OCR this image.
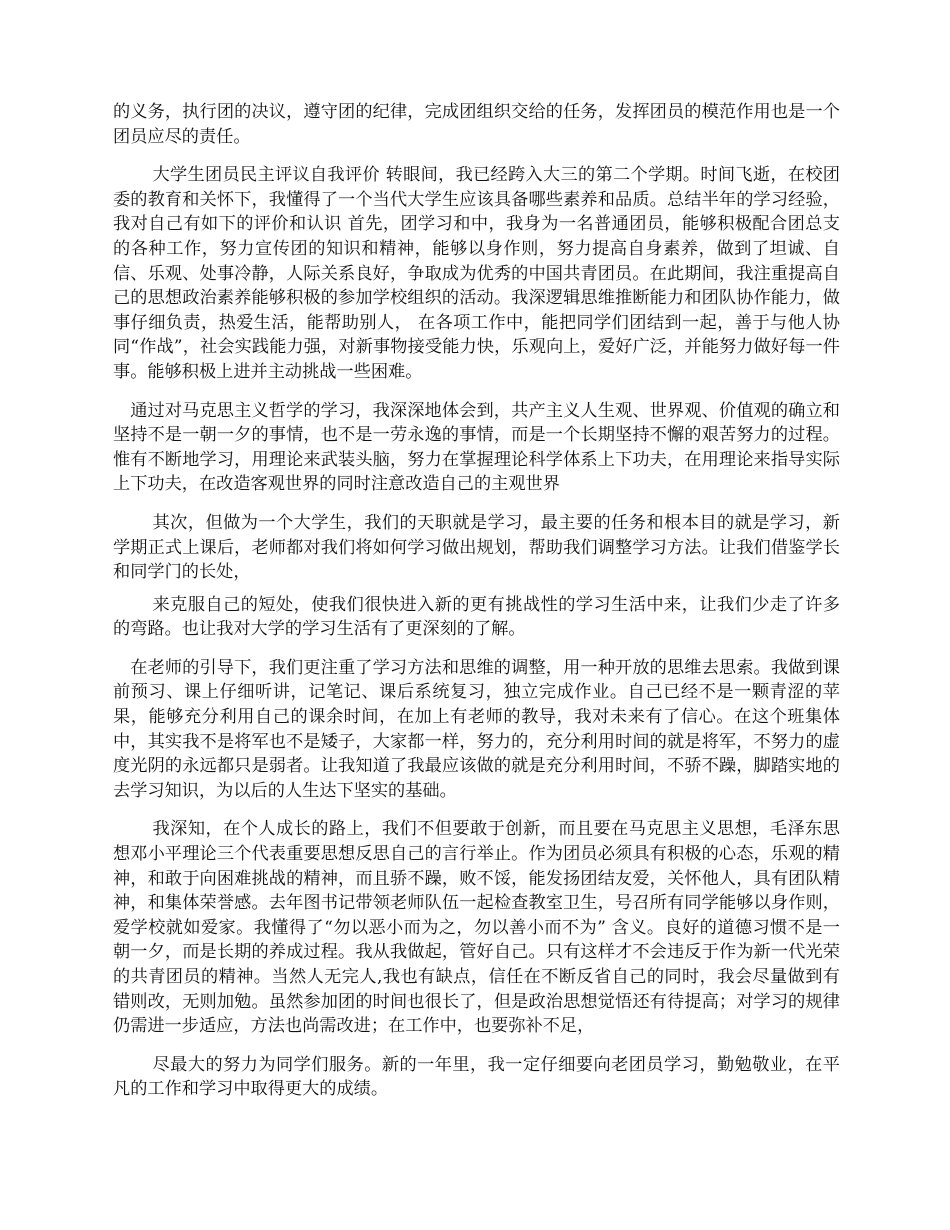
的义务，执行团的决议，遵守团的纪律，完成团组织交给的任务，发挥团员的模范作用也是一个团员应尽的责任。

大学生团员民主评议自我评价 转眼间，我已经跨入大三的第二个学期。时间飞逝，在校团委的教育和关怀下，我懂得了一个当代大学生应该具备哪些素养和品质。总结半年的学习经验，我对自己有如下的评价和认识 首先，团学习和中，我身为一名普通团员，能够积极配合团总支的各种工作，努力宣传团的知识和精神，能够以身作则，努力提高自身素养，做到了坦诚、自信、乐观、处事冷静，人际关系良好，争取成为优秀的中国共青团员。在此期间，我注重提高自己的思想政治素养能够积极的参加学校组织的活动。我深逻辑思维推断能力和团队协作能力，做事仔细负责，热爱生活，能帮助别人， 在各项工作中，能把同学们团结到一起，善于与他人协同“作战”，社会实践能力强，对新事物接受能力快，乐观向上，爱好广泛，并能努力做好每一件事。能够积极上进并主动挑战一些困难。

通过对马克思主义哲学的学习，我深深地体会到，共产主义人生观、世界观、价值观的确立和坚持不是一朝一夕的事情，也不是一劳永逸的事情，而是一个长期坚持不懈的艰苦努力的过程。惟有不断地学习，用理论来武装头脑，努力在掌握理论科学体系上下功夫，在用理论来指导实际上下功夫，在改造客观世界的同时注意改造自己的主观世界

其次，但做为一个大学生，我们的天职就是学习，最主要的任务和根本目的就是学习，新学期正式上课后，老师都对我们将如何学习做出规划，帮助我们调整学习方法。让我们借鉴学长和同学门的长处，

来克服自己的短处，使我们很快进入新的更有挑战性的学习生活中来，让我们少走了许多的弯路。也让我对大学的学习生活有了更深刻的了解。

在老师的引导下，我们更注重了学习方法和思维的调整，用一种开放的思维去思索。我做到课前预习、课上仔细听讲，记笔记、课后系统复习，独立完成作业。自己已经不是一颗青涩的苹果，能够充分利用自己的课余时间，在加上有老师的教导，我对未来有了信心。在这个班集体中，其实我不是将军也不是矮子，大家都一样，努力的，充分利用时间的就是将军，不努力的虚度光阴的永远都只是弱者。让我知道了我最应该做的就是充分利用时间，不骄不躁，脚踏实地的去学习知识，为以后的人生达下坚实的基础。

我深知，在个人成长的路上，我们不但要敢于创新，而且要在马克思主义思想，毛泽东思想邓小平理论三个代表重要思想反思自己的言行举止。作为团员必须具有积极的心态，乐观的精神，和敢于向困难挑战的精神，而且骄不躁，败不馁，能发扬团结友爱，关怀他人，具有团队精神，和集体荣誉感。去年图书记带领老师队伍一起检查教室卫生，号召所有同学能够以身作则，爱学校就如爱家。我懂得了“勿以恶小而为之，勿以善小而不为” 含义。良好的道德习惯不是一朝一夕，而是长期的养成过程。我从我做起，管好自己。只有这样才不会违反于作为新一代光荣的共青团员的精神。当然人无完人,我也有缺点，信任在不断反省自己的同时，我会尽量做到有错则改，无则加勉。虽然参加团的时间也很长了，但是政治思想觉悟还有待提高；对学习的规律仍需进一步适应，方法也尚需改进；在工作中，也要弥补不足，

尽最大的努力为同学们服务。新的一年里，我一定仔细要向老团员学习，勤勉敬业，在平凡的工作和学习中取得更大的成绩。
